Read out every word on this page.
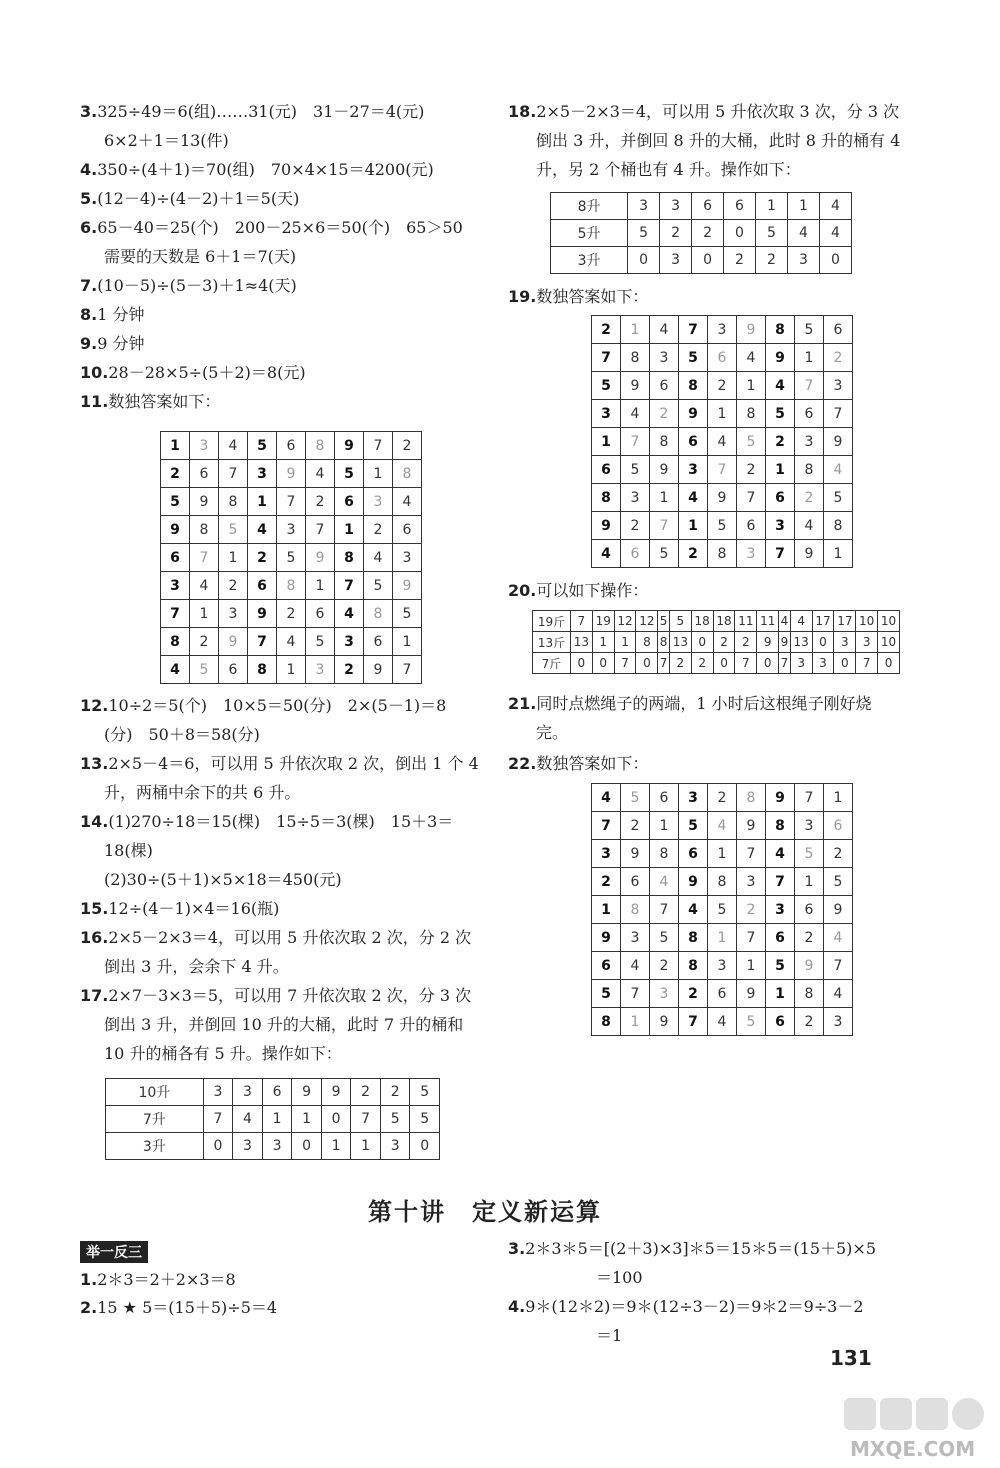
3.325÷49＝6(组)……31(元)　31－27＝4(元)
6×2＋1＝13(件)
4.350÷(4＋1)＝70(组)　70×4×15＝4200(元)
5.(12－4)÷(4－2)＋1＝5(天)
6.65－40＝25(个)　200－25×6＝50(个)　65＞50
需要的天数是 6＋1＝7(天)
7.(10－5)÷(5－3)＋1≈4(天)
8.1 分钟
9.9 分钟
10.28－28×5÷(5＋2)＝8(元)
11.数独答案如下：
12.10÷2＝5(个)　10×5＝50(分)　2×(5－1)＝8
(分)　50＋8＝58(分)
13.2×5－4＝6，可以用 5 升依次取 2 次，倒出 1 个 4
升，两桶中余下的共 6 升。
14.(1)270÷18＝15(棵)　15÷5＝3(棵)　15＋3＝
18(棵)
(2)30÷(5＋1)×5×18＝450(元)
15.12÷(4－1)×4＝16(瓶)
16.2×5－2×3＝4，可以用 5 升依次取 2 次，分 2 次
倒出 3 升，会余下 4 升。
17.2×7－3×3＝5，可以用 7 升依次取 2 次，分 3 次
倒出 3 升，并倒回 10 升的大桶，此时 7 升的桶和
10 升的桶各有 5 升。操作如下：
18.2×5－2×3＝4，可以用 5 升依次取 3 次，分 3 次
倒出 3 升，并倒回 8 升的大桶，此时 8 升的桶有 4
升，另 2 个桶也有 4 升。操作如下：
19.数独答案如下：
20.可以如下操作：
21.同时点燃绳子的两端，1 小时后这根绳子刚好烧
完。
22.数独答案如下：
1	3	4	5	6	8	9	7	2
2	6	7	3	9	4	5	1	8
5	9	8	1	7	2	6	3	4
9	8	5	4	3	7	1	2	6
6	7	1	2	5	9	8	4	3
3	4	2	6	8	1	7	5	9
7	1	3	9	2	6	4	8	5
8	2	9	7	4	5	3	6	1
4	5	6	8	1	3	2	9	7
2	1	4	7	3	9	8	5	6
7	8	3	5	6	4	9	1	2
5	9	6	8	2	1	4	7	3
3	4	2	9	1	8	5	6	7
1	7	8	6	4	5	2	3	9
6	5	9	3	7	2	1	8	4
8	3	1	4	9	7	6	2	5
9	2	7	1	5	6	3	4	8
4	6	5	2	8	3	7	9	1
4	5	6	3	2	8	9	7	1
7	2	1	5	4	9	8	3	6
3	9	8	6	1	7	4	5	2
2	6	4	9	8	3	7	1	5
1	8	7	4	5	2	3	6	9
9	3	5	8	1	7	6	2	4
6	4	2	8	3	1	5	9	7
5	7	3	2	6	9	1	8	4
8	1	9	7	4	5	6	2	3
10升	3	3	6	9	9	2	2	5
7升	7	4	1	1	0	7	5	5
3升	0	3	3	0	1	1	3	0
8升	3	3	6	6	1	1	4
5升	5	2	2	0	5	4	4
3升	0	3	0	2	2	3	0
19斤	7	19	12	12	5	5	18	18	11	11	4	4	17	17	10	10
13斤	13	1	1	8	8	13	0	2	2	9	9	13	0	3	3	10
7斤	0	0	7	0	7	2	2	0	7	0	7	3	3	0	7	0
第十讲　定义新运算
举一反三
1.2＊3＝2＋2×3＝8
2.15 ★ 5＝(15＋5)÷5＝4
3.2＊3＊5＝[(2＋3)×3]＊5＝15＊5＝(15＋5)×5
＝100
4.9＊(12＊2)＝9＊(12÷3－2)＝9＊2＝9÷3－2
＝1
131
MXQE.COM
